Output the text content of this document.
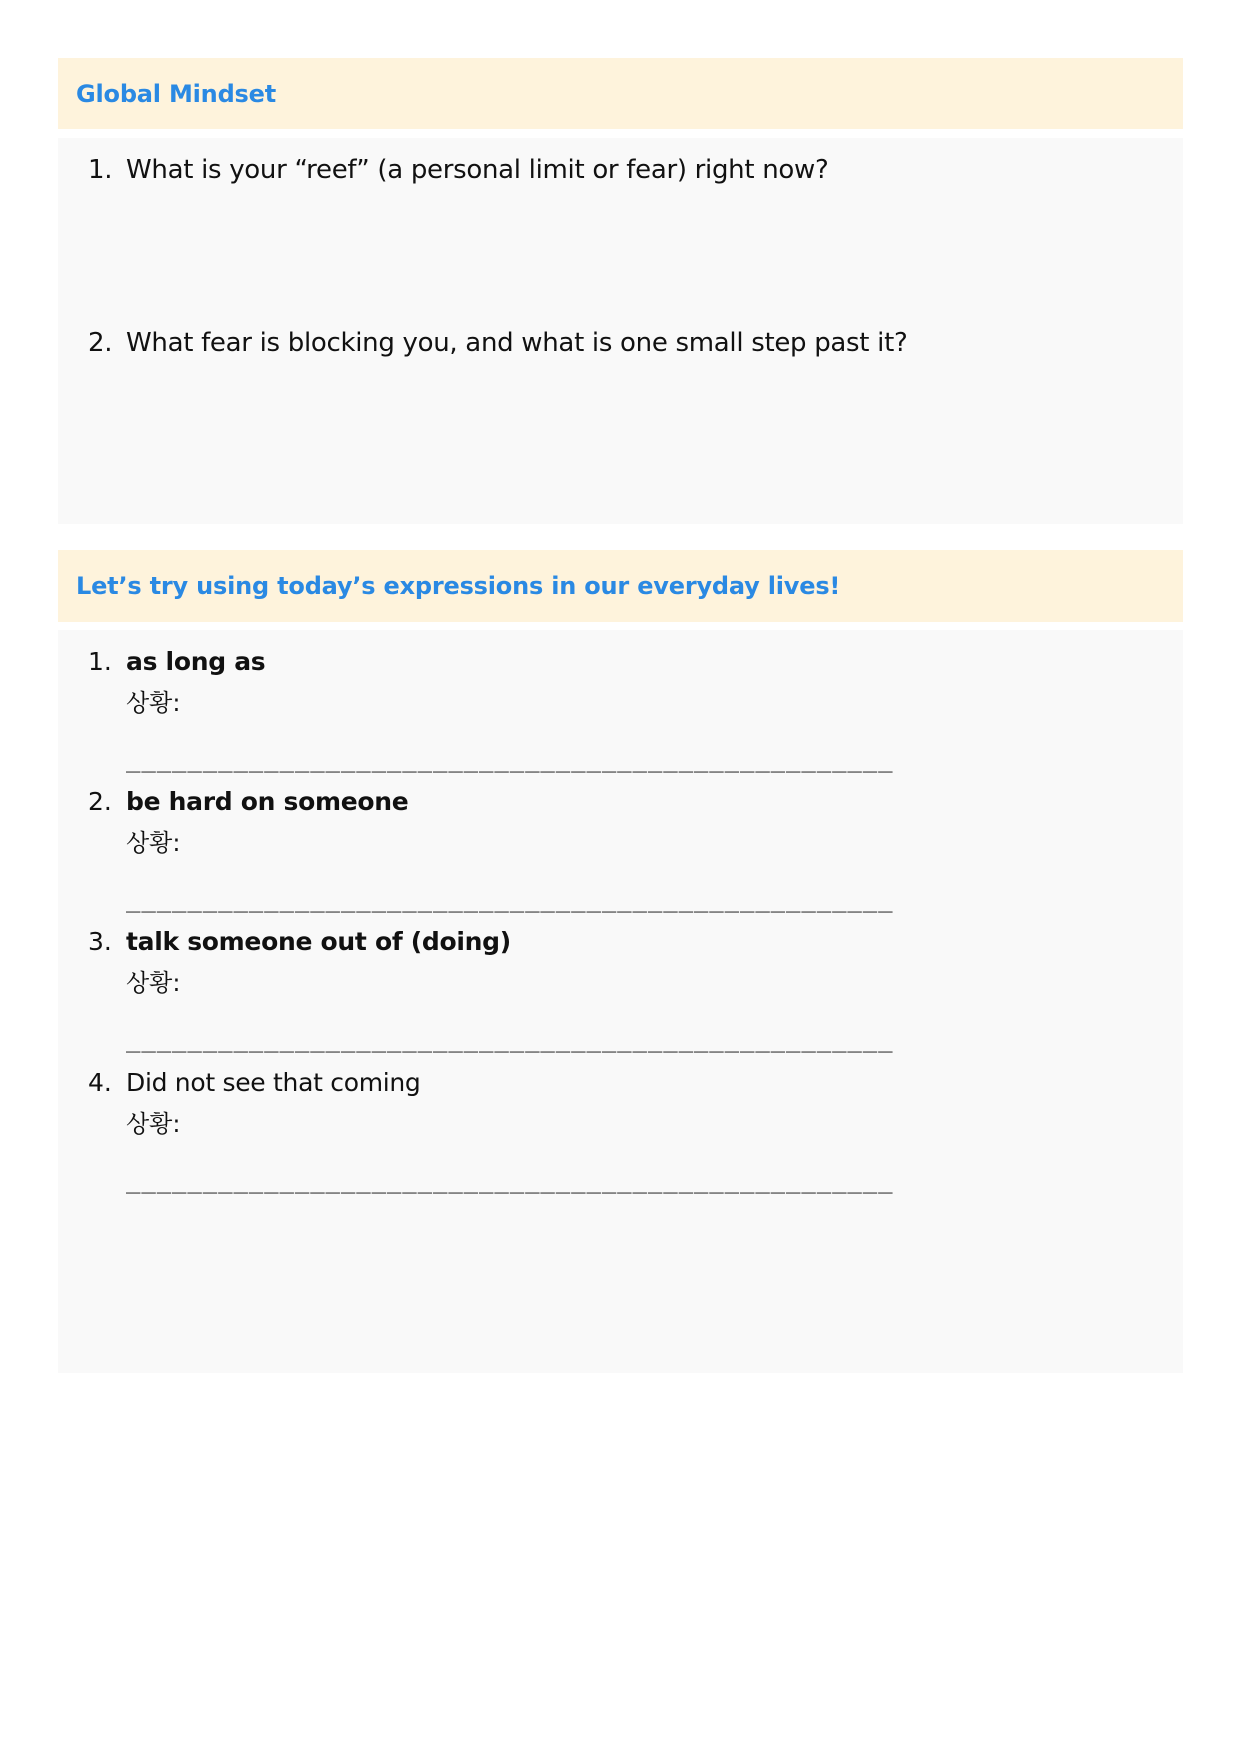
Global Mindset
1. What is your “reef” (a personal limit or fear) right now?
2. What fear is blocking you, and what is one small step past it?
Let’s try using today’s expressions in our everyday lives!
1. as long as
상황:
__________________________________________________
2. be hard on someone
상황:
__________________________________________________
3. talk someone out of (doing)
상황:
__________________________________________________
4. Did not see that coming
상황:
__________________________________________________
